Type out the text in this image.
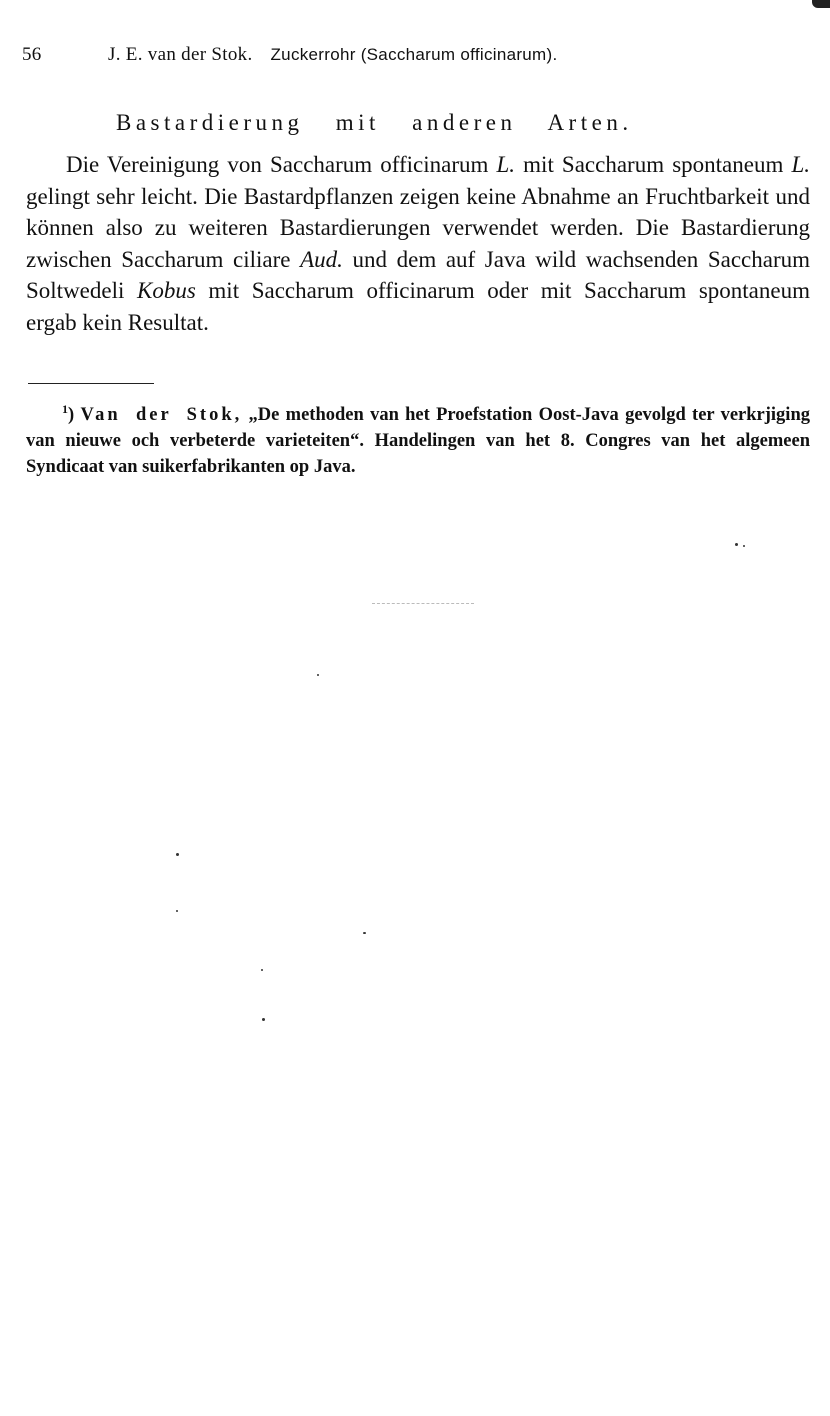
56	J. E. van der Stok. Zuckerrohr (Saccharum officinarum).
Bastardierung mit anderen Arten.

Die Vereinigung von Saccharum officinarum L. mit Saccharum spontaneum L. gelingt sehr leicht. Die Bastardpflanzen zeigen keine Abnahme an Fruchtbarkeit und können also zu weiteren Bastardierungen verwendet werden. Die Bastardierung zwischen Saccharum ciliare Aud. und dem auf Java wild wachsenden Saccharum Soltwedeli Kobus mit Saccharum officinarum oder mit Saccharum spontaneum ergab kein Resultat.

$^1$) Van der Stok, „De methoden van het Proefstation Oost-Java gevolgd ter verkrjiging van nieuwe och verbeterde varieteiten“. Handelingen van het 8. Congres van het algemeen Syndicaat van suikerfabrikanten op Java.
